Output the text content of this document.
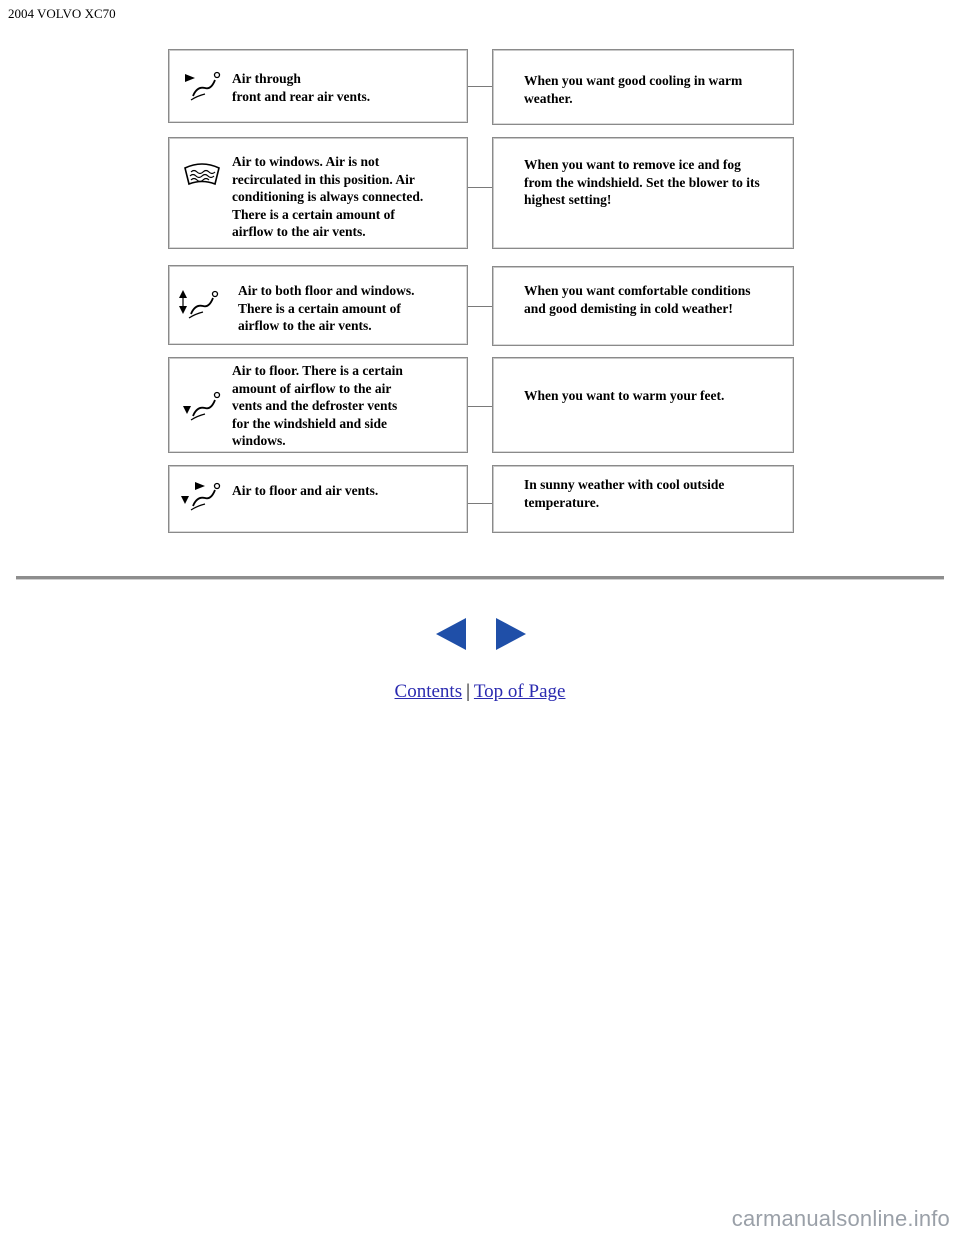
2004 VOLVO XC70
Air through
front and rear air vents.
When you want good cooling in warm
weather.
Air to windows. Air is not
recirculated in this position. Air
conditioning is always connected.
There is a certain amount of
airflow to the air vents.
When you want to remove ice and fog
from the windshield. Set the blower to its
highest setting!
Air to both floor and windows.
There is a certain amount of
airflow to the air vents.
When you want comfortable conditions
and good demisting in cold weather!
Air to floor. There is a certain
amount of airflow to the air
vents and the defroster vents
for the windshield and side
windows.
When you want to warm your feet.
Air to floor and air vents.	In sunny weather with cool outside
temperature.
Contents | Top of Page
carmanualsonline.info
